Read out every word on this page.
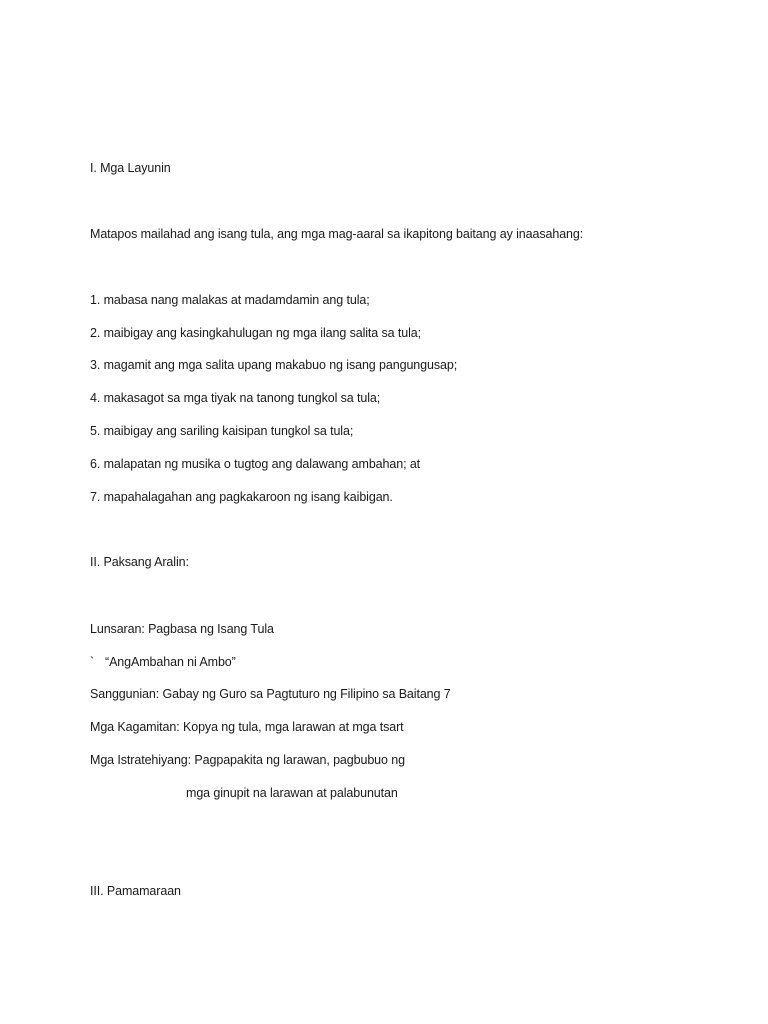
I. Mga Layunin
Matapos mailahad ang isang tula, ang mga mag-aaral sa ikapitong baitang ay inaasahang:
1. mabasa nang malakas at madamdamin ang tula;
2. maibigay ang kasingkahulugan ng mga ilang salita sa tula;
3. magamit ang mga salita upang makabuo ng isang pangungusap;
4. makasagot sa mga tiyak na tanong tungkol sa tula;
5. maibigay ang sariling kaisipan tungkol sa tula;
6. malapatan ng musika o tugtog ang dalawang ambahan; at
7. mapahalagahan ang pagkakaroon ng isang kaibigan.
II. Paksang Aralin:
Lunsaran: Pagbasa ng Isang Tula
` “AngAmbahan ni Ambo”
Sanggunian: Gabay ng Guro sa Pagtuturo ng Filipino sa Baitang 7
Mga Kagamitan: Kopya ng tula, mga larawan at mga tsart
Mga Istratehiyang: Pagpapakita ng larawan, pagbubuo ng
mga ginupit na larawan at palabunutan
III. Pamamaraan
